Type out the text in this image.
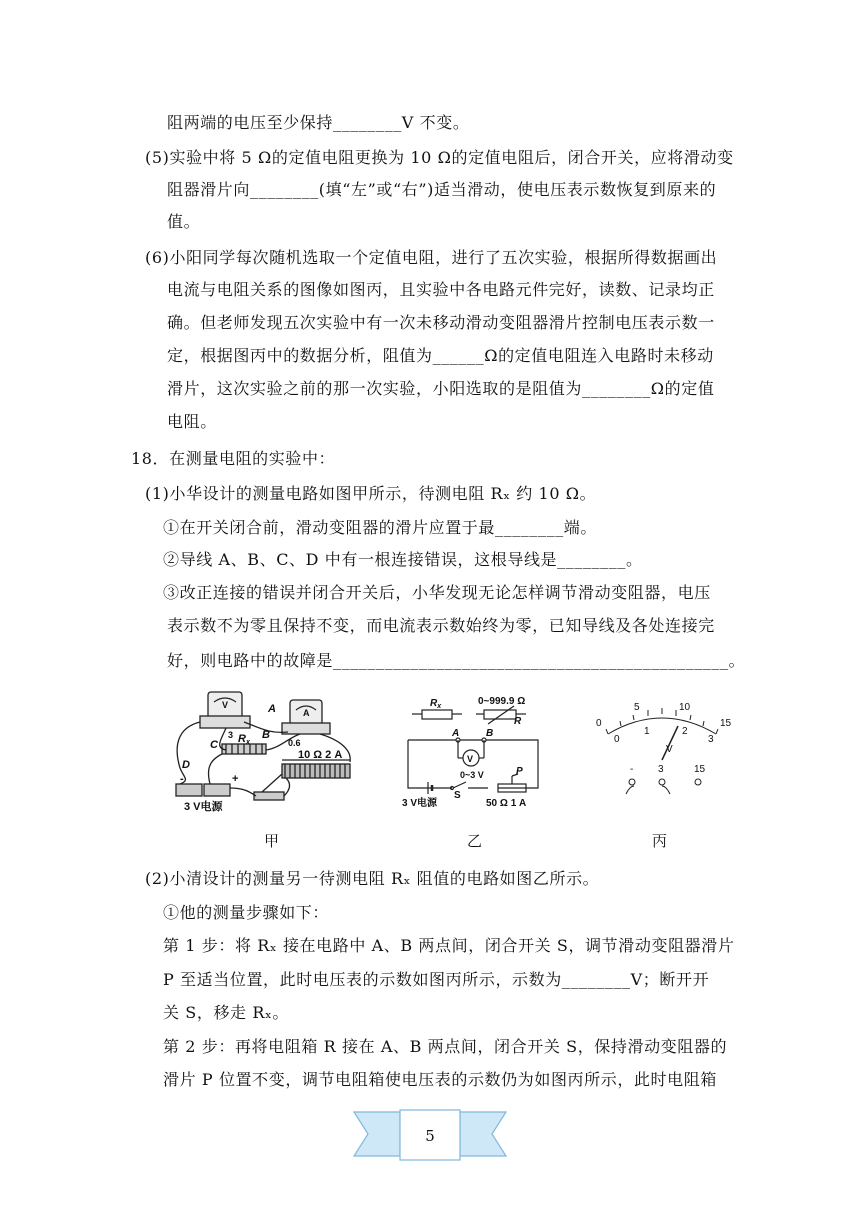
阻两端的电压至少保持________V 不变。
(5)实验中将 5 Ω的定值电阻更换为 10 Ω的定值电阻后，闭合开关，应将滑动变
阻器滑片向________(填“左”或“右”)适当滑动，使电压表示数恢复到原来的
值。
(6)小阳同学每次随机选取一个定值电阻，进行了五次实验，根据所得数据画出
电流与电阻关系的图像如图丙，且实验中各电路元件完好，读数、记录均正
确。但老师发现五次实验中有一次未移动滑动变阻器滑片控制电压表示数一
定，根据图丙中的数据分析，阻值为______Ω的定值电阻连入电路时未移动
滑片，这次实验之前的那一次实验，小阳选取的是阻值为________Ω的定值
电阻。
18．在测量电阻的实验中：
(1)小华设计的测量电路如图甲所示，待测电阻 Rₓ 约 10 Ω。
①在开关闭合前，滑动变阻器的滑片应置于最________端。
②导线 A、B、C、D 中有一根连接错误，这根导线是________。
③改正连接的错误并闭合开关后，小华发现无论怎样调节滑动变阻器，电压
表示数不为零且保持不变，而电流表示数始终为零，已知导线及各处连接完
好，则电路中的故障是______________________________________________。
(2)小清设计的测量另一待测电阻 Rₓ 阻值的电路如图乙所示。
①他的测量步骤如下：
第 1 步：将 Rₓ 接在电路中 A、B 两点间，闭合开关 S，调节滑动变阻器滑片
P 至适当位置，此时电压表的示数如图丙所示，示数为________V；断开开
关 S，移走 Rₓ。
第 2 步：再将电阻箱 R 接在 A、B 两点间，闭合开关 S，保持滑动变阻器的
滑片 P 位置不变，调节电阻箱使电压表的示数仍为如图丙所示，此时电阻箱
A
B
C
D
Rx
V
A
3
0.6
10 Ω 2 A
3 V电源
-	+
甲
$R_x$	0~999.9 Ω
R
A	B
V
0~3 V	P
3 V电源
S
50 Ω 1 A
乙
0
5	10
15
0
1	2
3
V
- 3	15
丙
5
